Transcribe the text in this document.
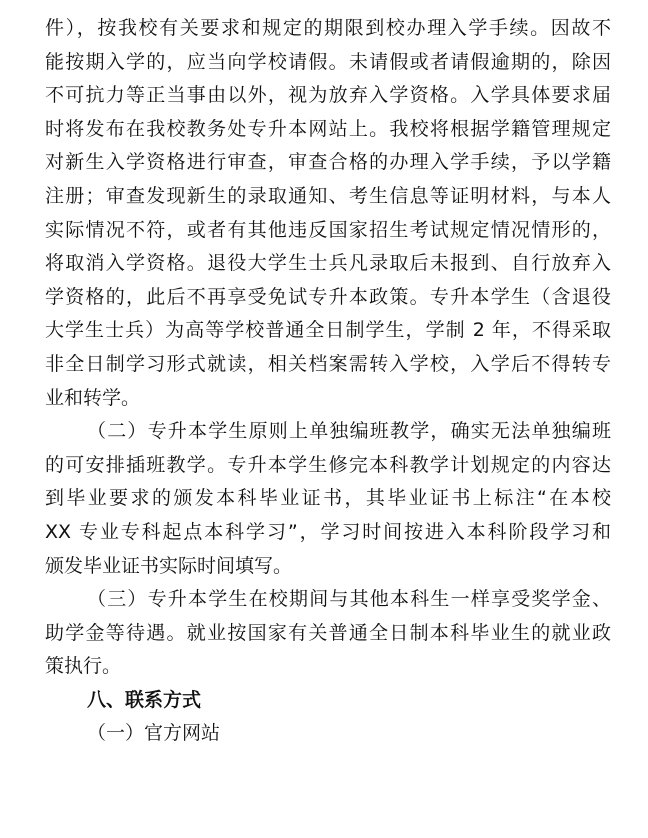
件），按我校有关要求和规定的期限到校办理入学手续。因故不
能按期入学的，应当向学校请假。未请假或者请假逾期的，除因
不可抗力等正当事由以外，视为放弃入学资格。入学具体要求届
时将发布在我校教务处专升本网站上。我校将根据学籍管理规定
对新生入学资格进行审查，审查合格的办理入学手续，予以学籍
注册；审查发现新生的录取通知、考生信息等证明材料，与本人
实际情况不符，或者有其他违反国家招生考试规定情况情形的，
将取消入学资格。退役大学生士兵凡录取后未报到、自行放弃入
学资格的，此后不再享受免试专升本政策。专升本学生（含退役
大学生士兵）为高等学校普通全日制学生，学制 2 年，不得采取
非全日制学习形式就读，相关档案需转入学校，入学后不得转专
业和转学。
（二）专升本学生原则上单独编班教学，确实无法单独编班
的可安排插班教学。专升本学生修完本科教学计划规定的内容达
到毕业要求的颁发本科毕业证书，其毕业证书上标注“在本校
XX 专业专科起点本科学习”，学习时间按进入本科阶段学习和
颁发毕业证书实际时间填写。
（三）专升本学生在校期间与其他本科生一样享受奖学金、
助学金等待遇。就业按国家有关普通全日制本科毕业生的就业政
策执行。
八、联系方式
（一）官方网站
